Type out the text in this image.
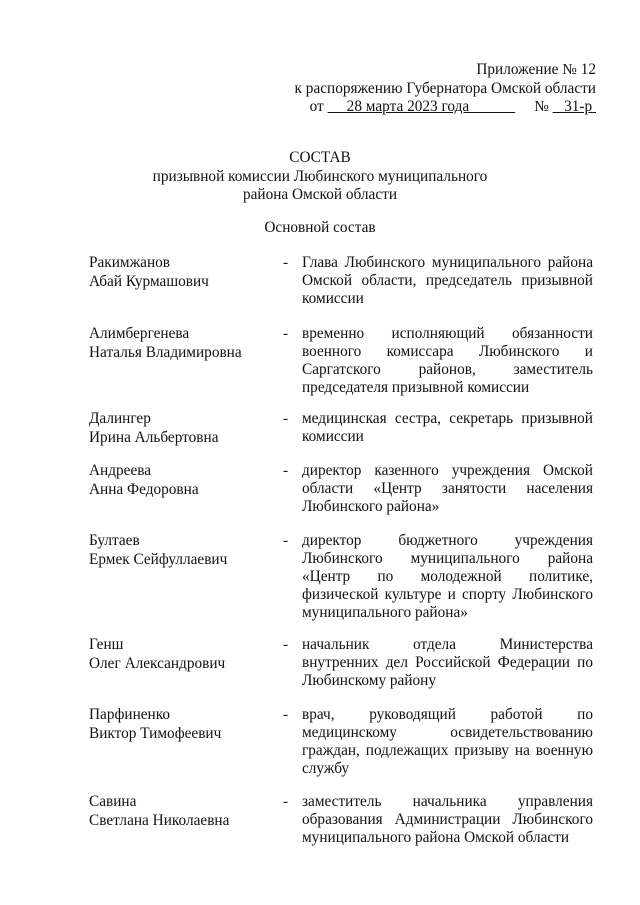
Приложение № 12
к распоряжению Губернатора Омской области
от 28 марта 2023 года	№ 31-р
СОСТАВ
призывной комиссии Любинского муниципального
района Омской области
Основной состав
Ракимжанов
Абай Курмашович
- Глава Любинского муниципального района Омской области, председатель призывной комиссии
Алимбергенева
Наталья Владимировна
- временно исполняющий обязанности военного комиссара Любинского и Саргатского районов, заместитель председателя призывной комиссии
Далингер
Ирина Альбертовна
- медицинская сестра, секретарь призывной комиссии
Андреева
Анна Федоровна
- директор казенного учреждения Омской области «Центр занятости населения Любинского района»
Бултаев
Ермек Сейфуллаевич
- директор бюджетного учреждения Любинского муниципального района «Центр по молодежной политике, физической культуре и спорту Любинского муниципального района»
Генш
Олег Александрович
- начальник отдела Министерства внутренних дел Российской Федерации по Любинскому району
Парфиненко
Виктор Тимофеевич
- врач, руководящий работой по медицинскому освидетельствованию граждан, подлежащих призыву на военную службу
Савина
Светлана Николаевна
- заместитель начальника управления образования Администрации Любинского муниципального района Омской области
